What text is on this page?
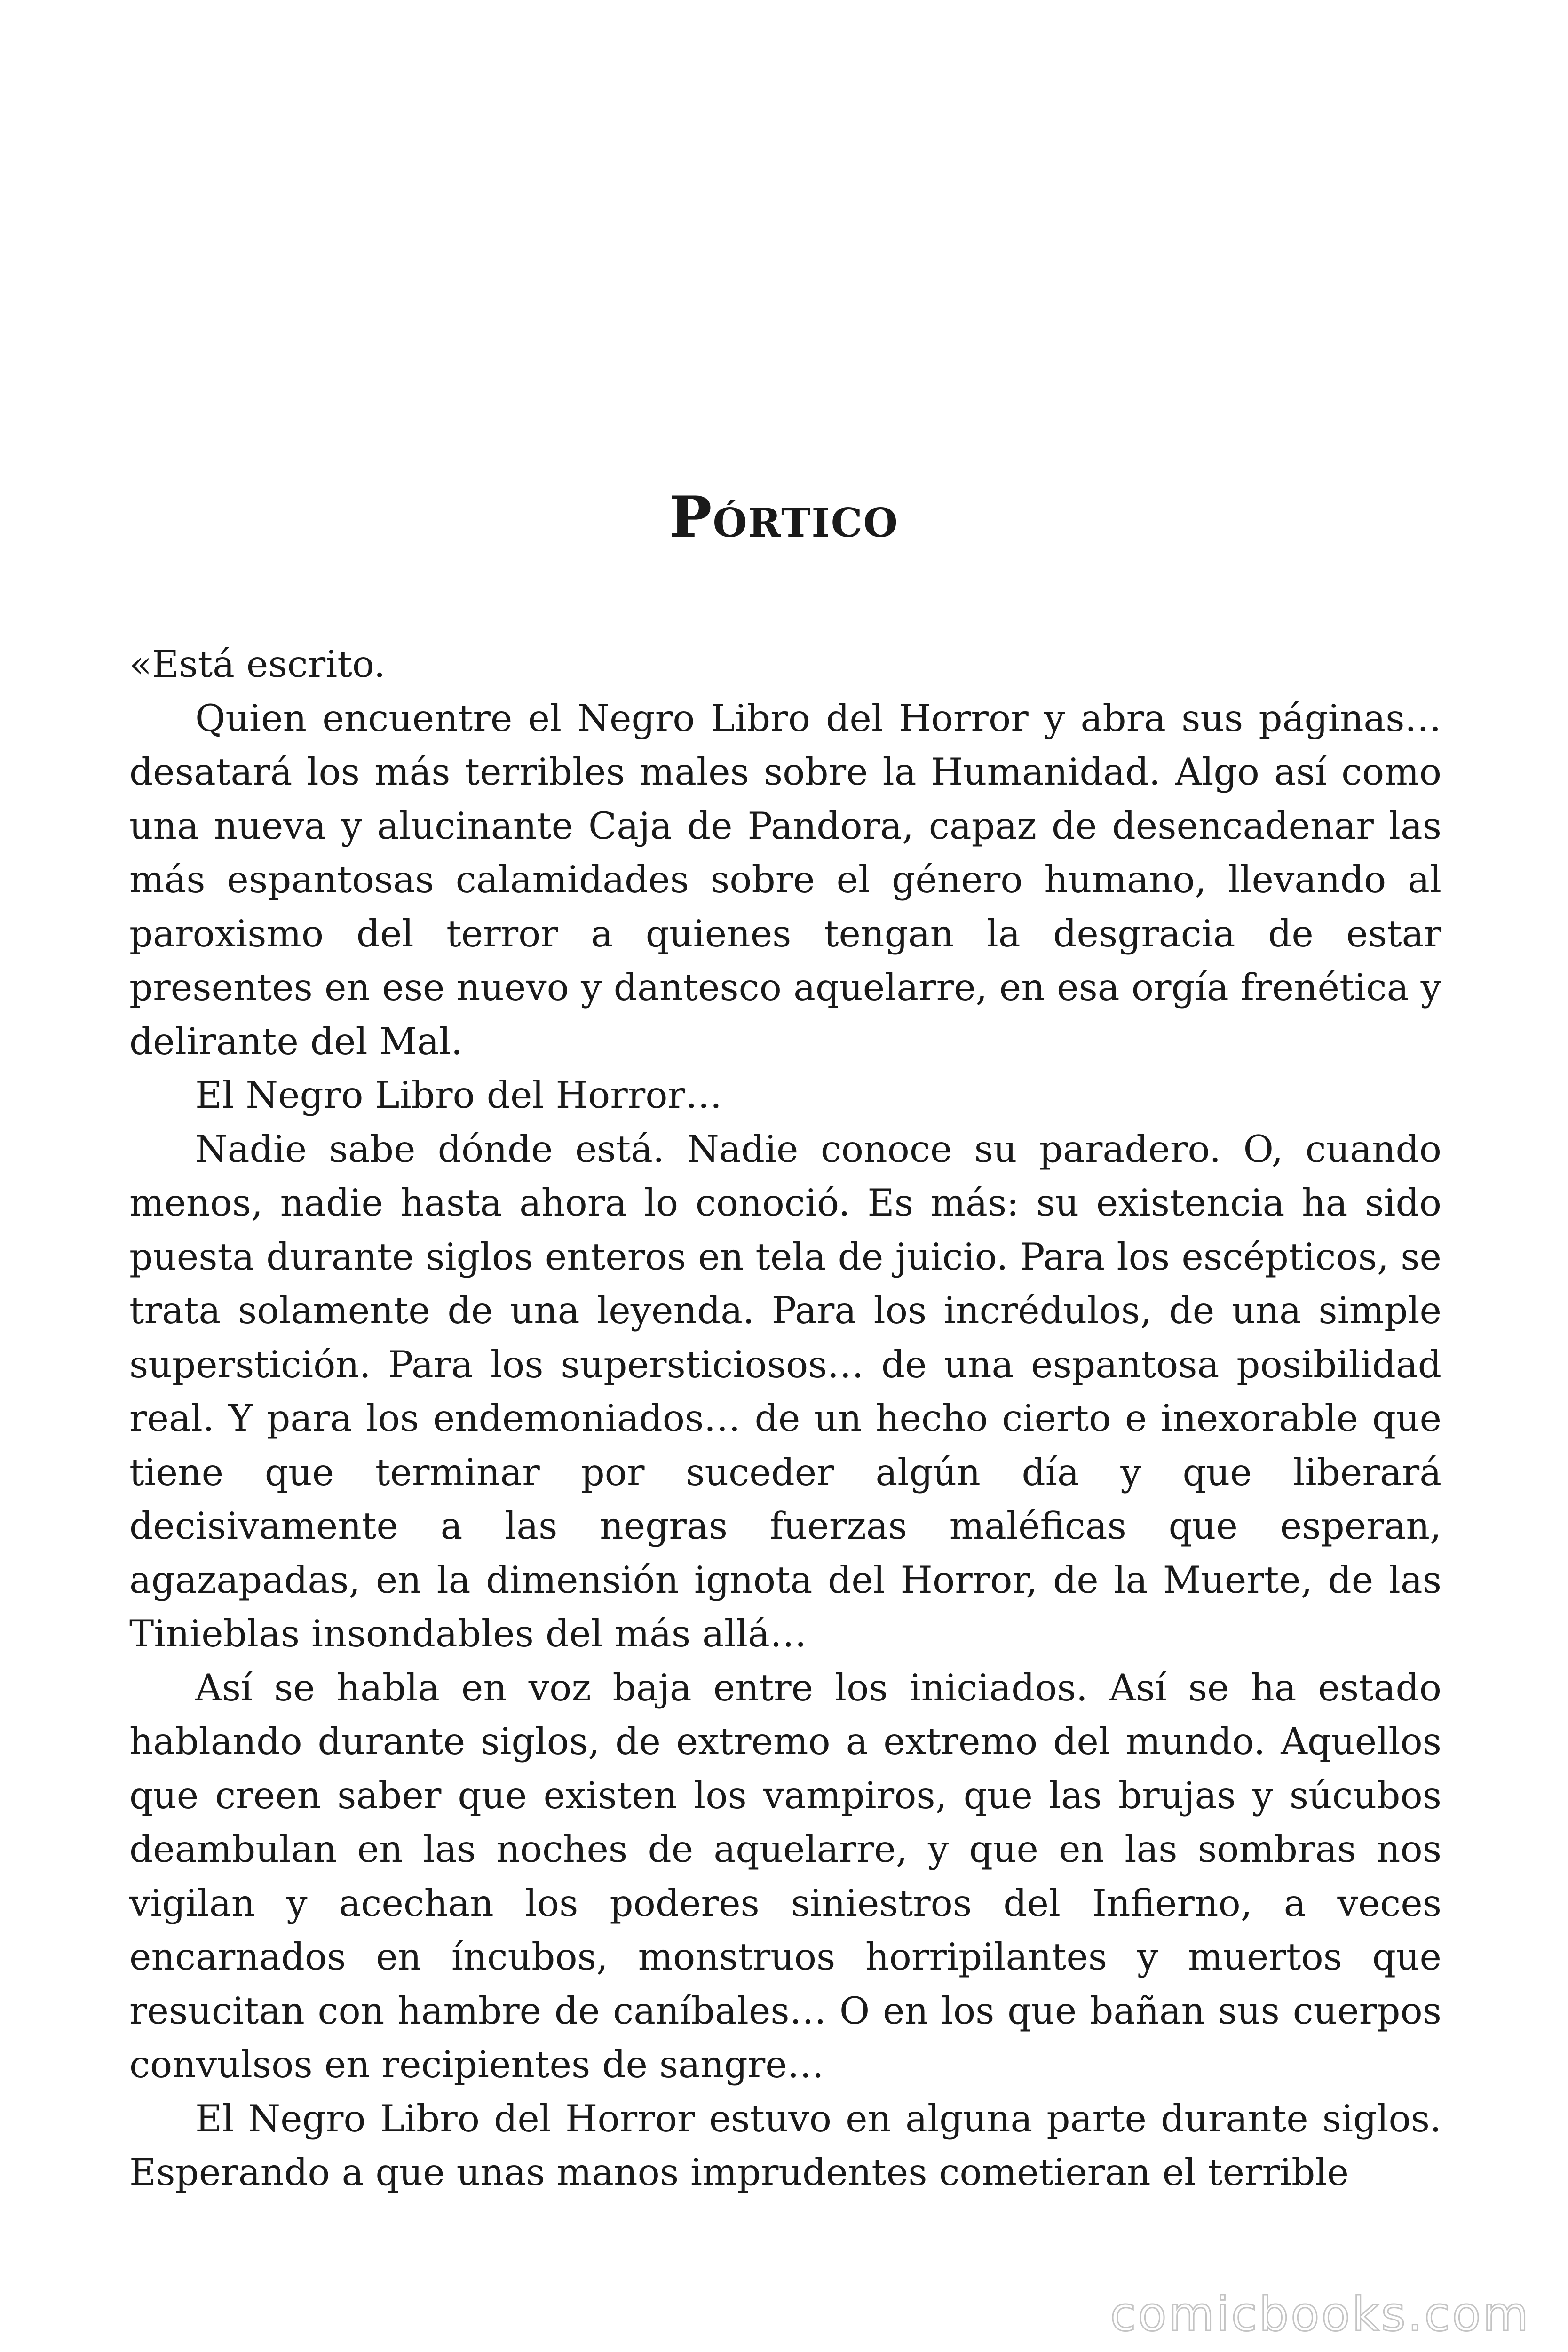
Pórtico

«Está escrito.

Quien encuentre el Negro Libro del Horror y abra sus páginas… desatará los más terribles males sobre la Humanidad. Algo así como una nueva y alucinante Caja de Pandora, capaz de desencadenar las más espantosas calamidades sobre el género humano, llevando al paroxismo del terror a quienes tengan la desgracia de estar presentes en ese nuevo y dantesco aquelarre, en esa orgía frenética y delirante del Mal.

El Negro Libro del Horror…

Nadie sabe dónde está. Nadie conoce su paradero. O, cuando menos, nadie hasta ahora lo conoció. Es más: su existencia ha sido puesta durante siglos enteros en tela de juicio. Para los escépticos, se trata solamente de una leyenda. Para los incrédulos, de una simple superstición. Para los supersticiosos… de una espantosa posibilidad real. Y para los endemoniados… de un hecho cierto e inexorable que tiene que terminar por suceder algún día y que liberará decisivamente a las negras fuerzas maléficas que esperan, agazapadas, en la dimensión ignota del Horror, de la Muerte, de las Tinieblas insondables del más allá…

Así se habla en voz baja entre los iniciados. Así se ha estado hablando durante siglos, de extremo a extremo del mundo. Aquellos que creen saber que existen los vampiros, que las brujas y súcubos deambulan en las noches de aquelarre, y que en las sombras nos vigilan y acechan los poderes siniestros del Infierno, a veces encarnados en íncubos, monstruos horripilantes y muertos que resucitan con hambre de caníbales… O en los que bañan sus cuerpos convulsos en recipientes de sangre…

El Negro Libro del Horror estuvo en alguna parte durante siglos. Esperando a que unas manos imprudentes cometieran el terrible

comicbooks.com
